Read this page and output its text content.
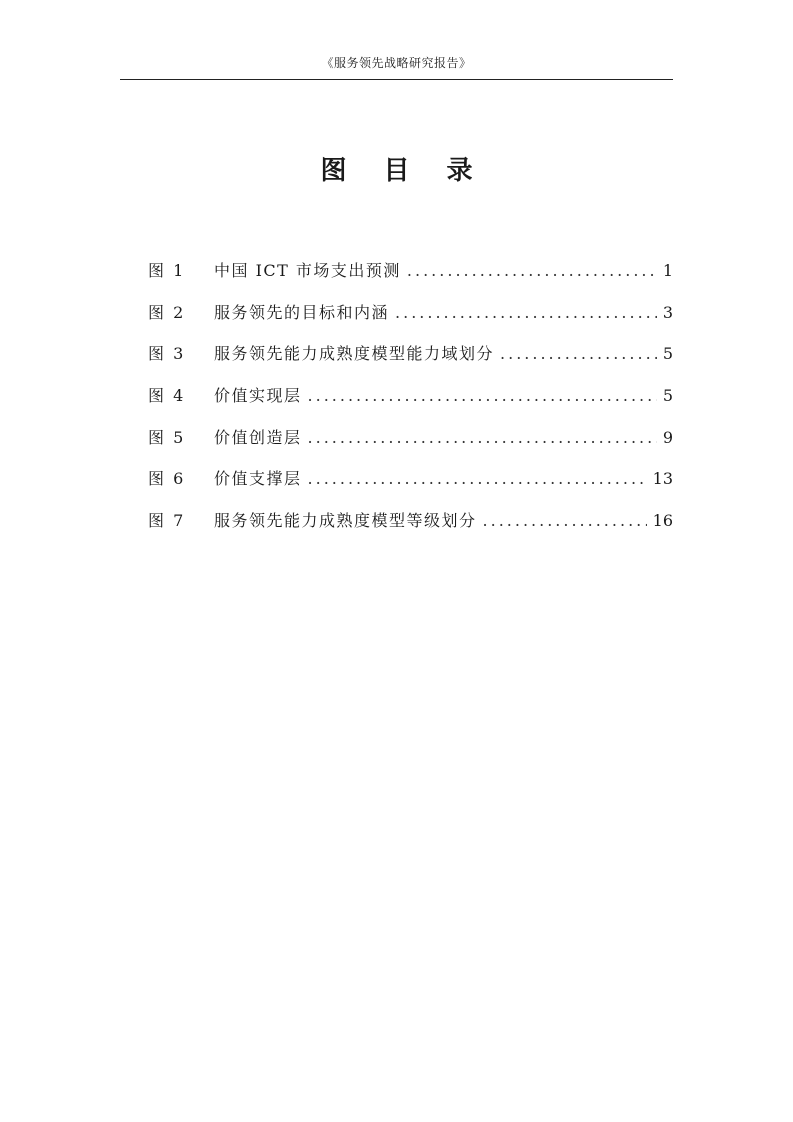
《服务领先战略研究报告》
图 目 录
图 1	中国 ICT 市场支出预测 .....	1
图 2	服务领先的目标和内涵 .....	3
图 3	服务领先能力成熟度模型能力域划分 .....	5
图 4	价值实现层 .....	5
图 5	价值创造层 .....	9
图 6	价值支撑层 .....	13
图 7	服务领先能力成熟度模型等级划分 .....	16
